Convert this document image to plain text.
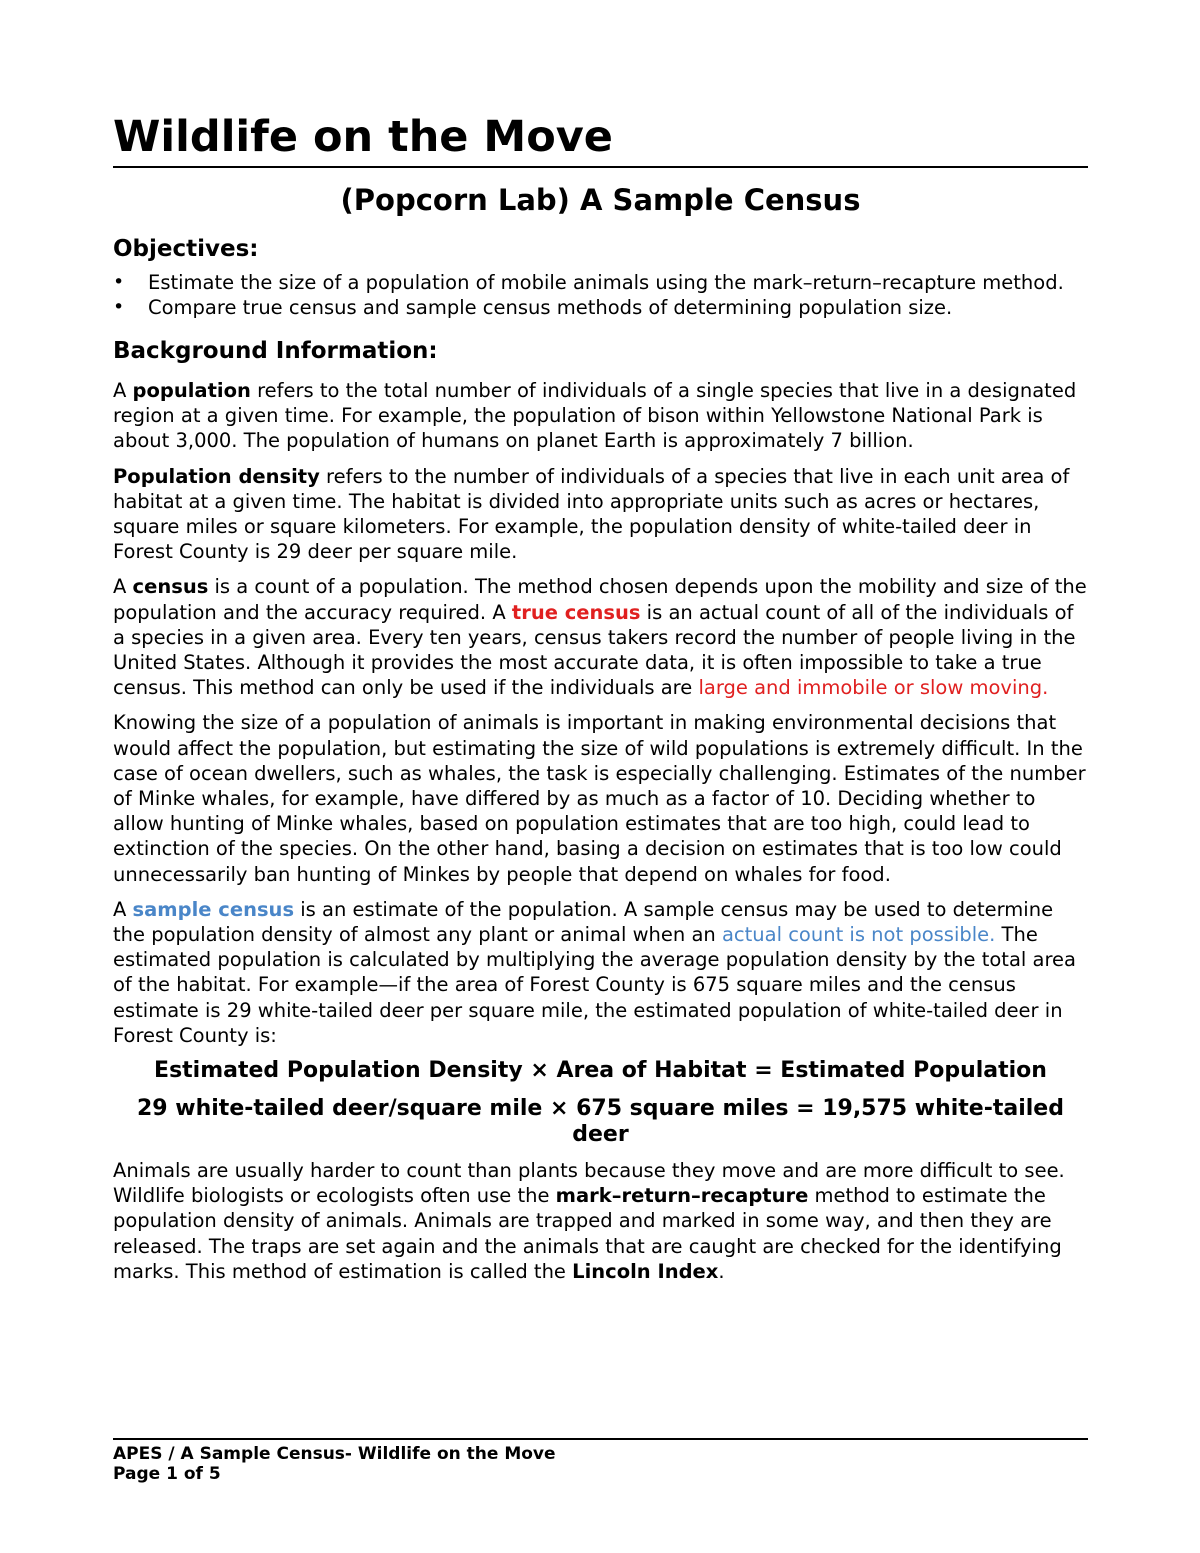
Wildlife on the Move
(Popcorn Lab) A Sample Census
Objectives:
• Estimate the size of a population of mobile animals using the mark–return–recapture method.
• Compare true census and sample census methods of determining population size.
Background Information:

A population refers to the total number of individuals of a single species that live in a designated region at a given time. For example, the population of bison within Yellowstone National Park is about 3,000. The population of humans on planet Earth is approximately 7 billion.

Population density refers to the number of individuals of a species that live in each unit area of habitat at a given time. The habitat is divided into appropriate units such as acres or hectares, square miles or square kilometers. For example, the population density of white-tailed deer in Forest County is 29 deer per square mile.

A census is a count of a population. The method chosen depends upon the mobility and size of the population and the accuracy required. A true census is an actual count of all of the individuals of a species in a given area. Every ten years, census takers record the number of people living in the United States. Although it provides the most accurate data, it is often impossible to take a true census. This method can only be used if the individuals are large and immobile or slow moving.

Knowing the size of a population of animals is important in making environmental decisions that would affect the population, but estimating the size of wild populations is extremely difficult. In the case of ocean dwellers, such as whales, the task is especially challenging. Estimates of the number of Minke whales, for example, have differed by as much as a factor of 10. Deciding whether to allow hunting of Minke whales, based on population estimates that are too high, could lead to extinction of the species. On the other hand, basing a decision on estimates that is too low could unnecessarily ban hunting of Minkes by people that depend on whales for food.

A sample census is an estimate of the population. A sample census may be used to determine the population density of almost any plant or animal when an actual count is not possible. The estimated population is calculated by multiplying the average population density by the total area of the habitat. For example—if the area of Forest County is 675 square miles and the census estimate is 29 white-tailed deer per square mile, the estimated population of white-tailed deer in Forest County is:

Estimated Population Density × Area of Habitat = Estimated Population
29 white-tailed deer/square mile × 675 square miles = 19,575 white-tailed deer

Animals are usually harder to count than plants because they move and are more difficult to see. Wildlife biologists or ecologists often use the mark–return–recapture method to estimate the population density of animals. Animals are trapped and marked in some way, and then they are released. The traps are set again and the animals that are caught are checked for the identifying marks. This method of estimation is called the Lincoln Index.

APES / A Sample Census- Wildlife on the Move
Page 1 of 5
